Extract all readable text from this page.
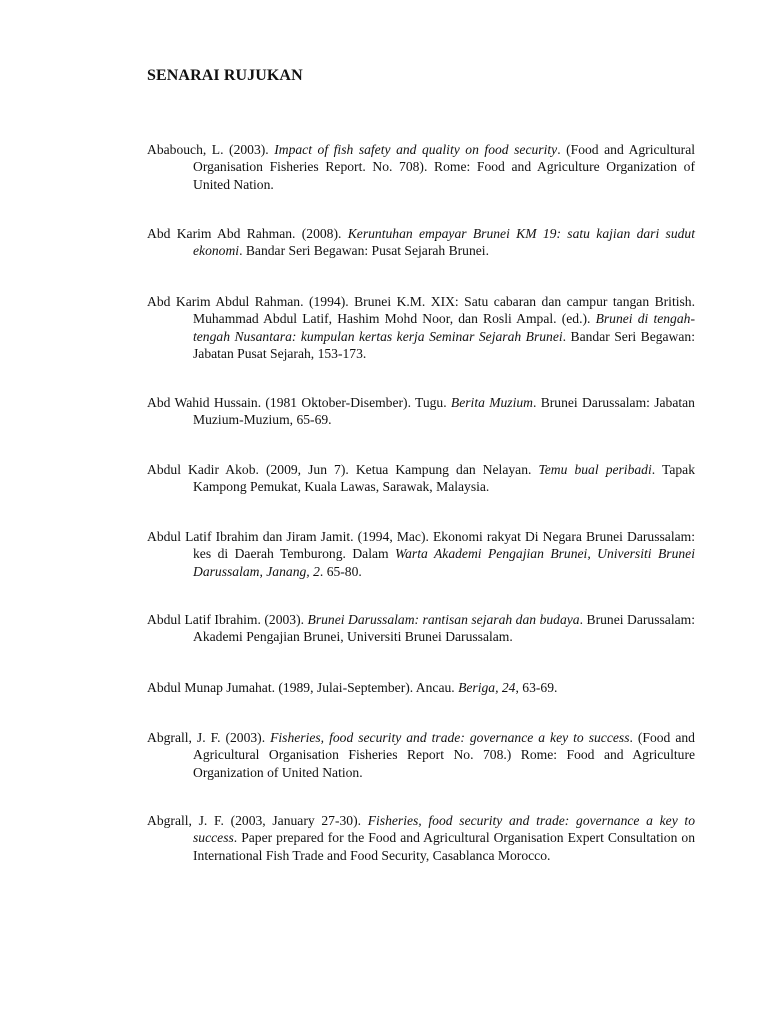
SENARAI RUJUKAN

Ababouch, L. (2003). Impact of fish safety and quality on food security. (Food and Agricultural Organisation Fisheries Report. No. 708). Rome: Food and Agriculture Organization of United Nation.

Abd Karim Abd Rahman. (2008). Keruntuhan empayar Brunei KM 19: satu kajian dari sudut ekonomi. Bandar Seri Begawan: Pusat Sejarah Brunei.

Abd Karim Abdul Rahman. (1994). Brunei K.M. XIX: Satu cabaran dan campur tangan British. Muhammad Abdul Latif, Hashim Mohd Noor, dan Rosli Ampal. (ed.). Brunei di tengah-tengah Nusantara: kumpulan kertas kerja Seminar Sejarah Brunei. Bandar Seri Begawan: Jabatan Pusat Sejarah, 153-173.

Abd Wahid Hussain. (1981 Oktober-Disember). Tugu. Berita Muzium. Brunei Darussalam: Jabatan Muzium-Muzium, 65-69.

Abdul Kadir Akob. (2009, Jun 7). Ketua Kampung dan Nelayan. Temu bual peribadi. Tapak Kampong Pemukat, Kuala Lawas, Sarawak, Malaysia.

Abdul Latif Ibrahim dan Jiram Jamit. (1994, Mac). Ekonomi rakyat Di Negara Brunei Darussalam: kes di Daerah Temburong. Dalam Warta Akademi Pengajian Brunei, Universiti Brunei Darussalam, Janang, 2. 65-80.

Abdul Latif Ibrahim. (2003). Brunei Darussalam: rantisan sejarah dan budaya. Brunei Darussalam: Akademi Pengajian Brunei, Universiti Brunei Darussalam.

Abdul Munap Jumahat. (1989, Julai-September). Ancau. Beriga, 24, 63-69.

Abgrall, J. F. (2003). Fisheries, food security and trade: governance a key to success. (Food and Agricultural Organisation Fisheries Report No. 708.) Rome: Food and Agriculture Organization of United Nation.

Abgrall, J. F. (2003, January 27-30). Fisheries, food security and trade: governance a key to success. Paper prepared for the Food and Agricultural Organisation Expert Consultation on International Fish Trade and Food Security, Casablanca Morocco.
